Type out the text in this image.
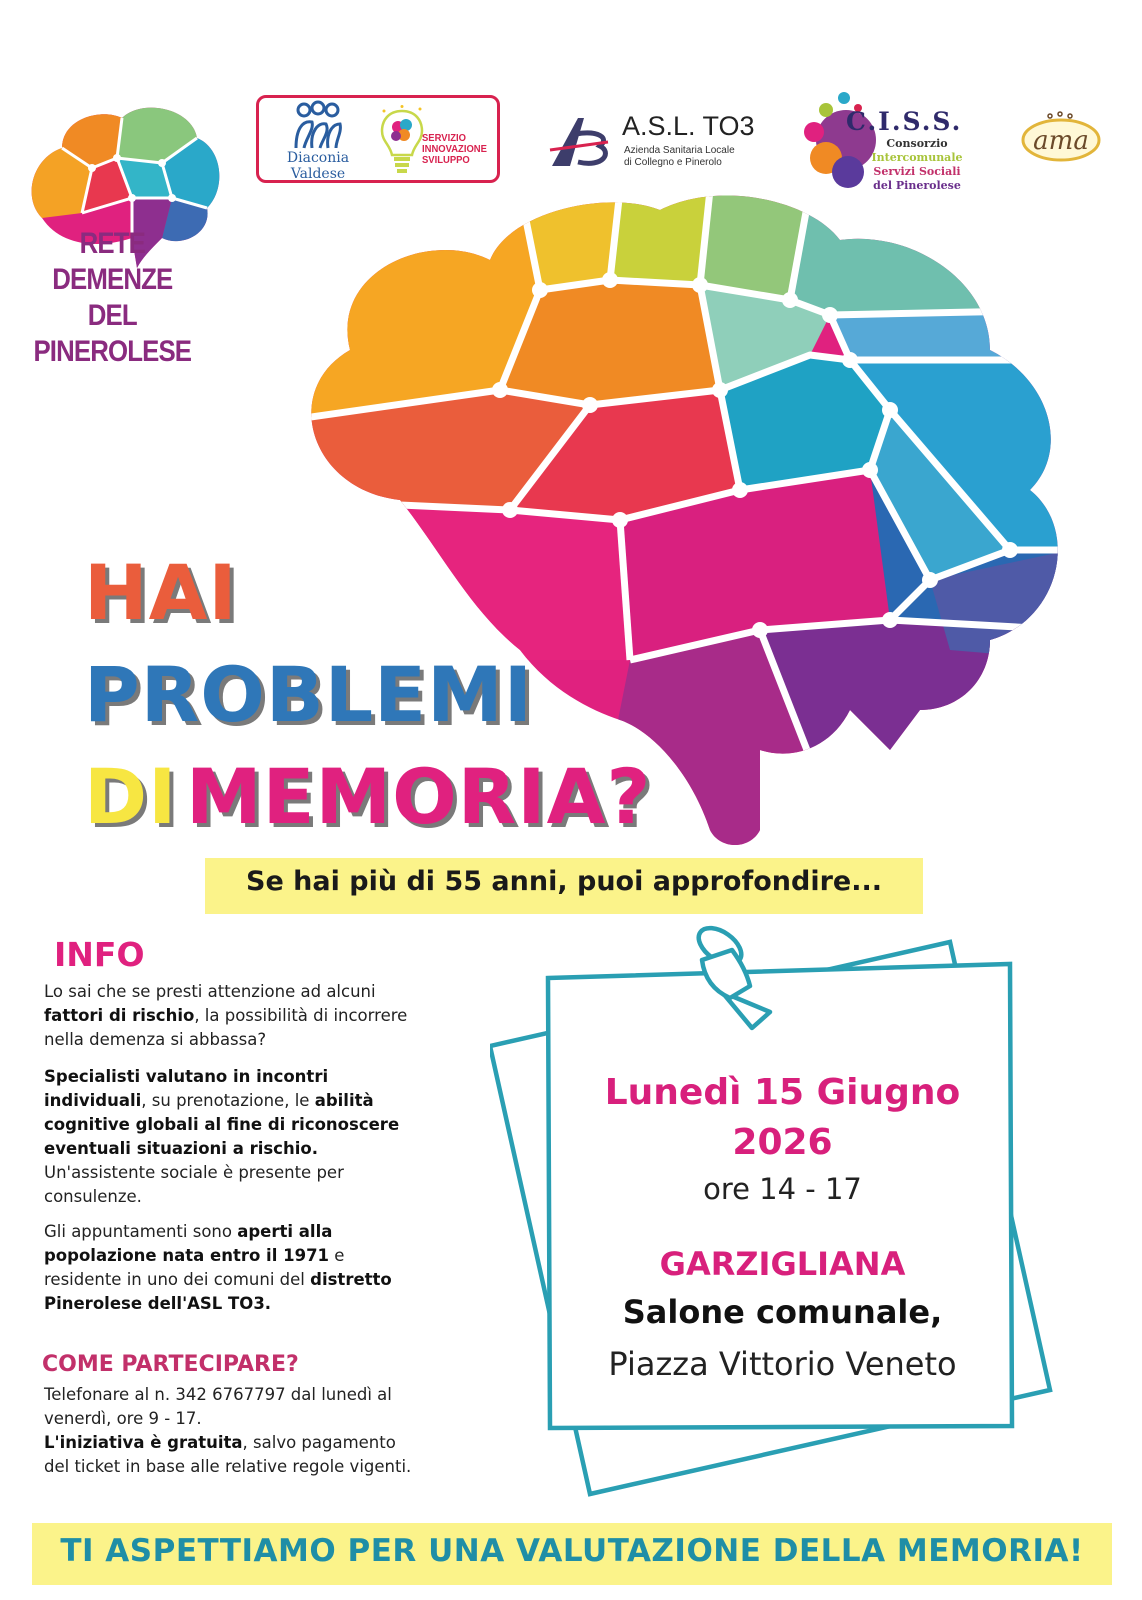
RETE DEMENZE
DEL PINEROLESE
Diaconia
Valdese
SERVIZIO
INNOVAZIONE
SVILUPPO
A.S.L. TO3
Azienda Sanitaria Locale
di Collegno e Pinerolo
C.I.S.S.
Consorzio
Intercomunale
Servizi Sociali
del Pinerolese
ama
HAI
PROBLEMI
DI MEMORIA?
Se hai più di 55 anni, puoi approfondire...
INFO
Lo sai che se presti attenzione ad alcuni fattori di rischio, la possibilità di incorrere nella demenza si abbassa?
Specialisti valutano in incontri individuali, su prenotazione, le abilità cognitive globali al fine di riconoscere eventuali situazioni a rischio. Un'assistente sociale è presente per consulenze.
Gli appuntamenti sono aperti alla popolazione nata entro il 1971 e residente in uno dei comuni del distretto Pinerolese dell'ASL TO3.
COME PARTECIPARE?
Telefonare al n. 342 6767797 dal lunedì al venerdì, ore 9 - 17.
L'iniziativa è gratuita, salvo pagamento del ticket in base alle relative regole vigenti.
Lunedì 15 Giugno
2026
ore 14 - 17
GARZIGLIANA
Salone comunale,
Piazza Vittorio Veneto
TI ASPETTIAMO PER UNA VALUTAZIONE DELLA MEMORIA!
